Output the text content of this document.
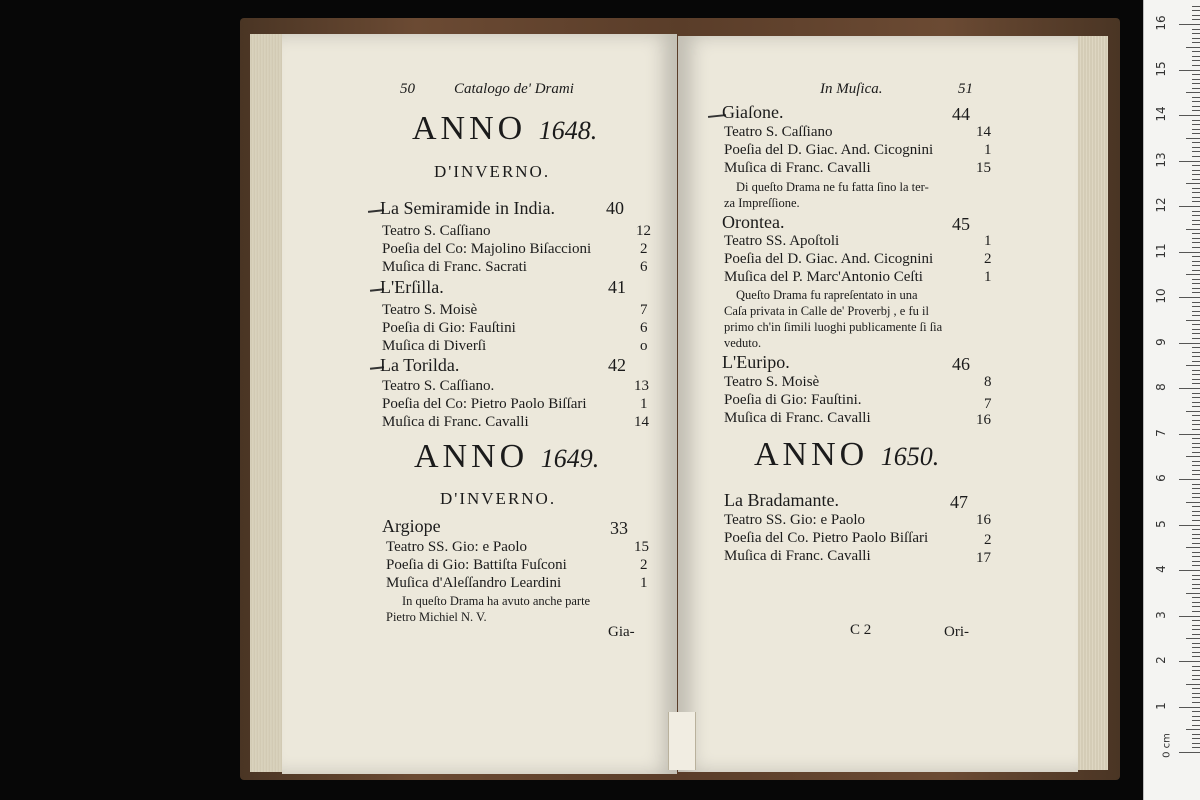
50	Catalogo de' Drami
ANNO 1648.
D'INVERNO.
La Semiramide in India.	40
Teatro S. Caſſiano	12
Poeſia del Co: Majolino Biſaccioni	2
Muſica di Franc. Sacrati	6
L'Erſilla.	41
Teatro S. Moisè	7
Poeſia di Gio: Fauſtini	6
Muſica di Diverſi	o
La Torilda.	42
Teatro S. Caſſiano.	13
Poeſia del Co: Pietro Paolo Biſſari	1
Muſica di Franc. Cavalli	14
ANNO 1649.
D'INVERNO.
Argiope	33
Teatro SS. Gio: e Paolo	15
Poeſia di Gio: Battiſta Fuſconi	2
Muſica d'Aleſſandro Leardini	1
In queſto Drama ha avuto anche parte
Pietro Michiel N. V.
Gia-
In Muſica.	51
Giaſone.	44
Teatro S. Caſſiano	14
Poeſia del D. Giac. And. Cicognini	1
Muſica di Franc. Cavalli	15
Di queſto Drama ne fu fatta ſino la ter-
za Impreſſione.
Orontea.	45
Teatro SS. Apoſtoli	1
Poeſia del D. Giac. And. Cicognini	2
Muſica del P. Marc'Antonio Ceſti	1
Queſto Drama fu rapreſentato in una
Caſa privata in Calle de' Proverbj , e fu il
primo ch'in ſimili luoghi publicamente ſi ſia
veduto.
L'Euripo.	46
Teatro S. Moisè	8
Poeſia di Gio: Fauſtini.	7
Muſica di Franc. Cavalli	16
ANNO 1650.
La Bradamante.	47
Teatro SS. Gio: e Paolo	16
Poeſia del Co. Pietro Paolo Biſſari	2
Muſica di Franc. Cavalli	17
C 2	Ori-
0 cm
1
2
3
4
5
6
7
8
9
10
11
12
13
14
15
16
